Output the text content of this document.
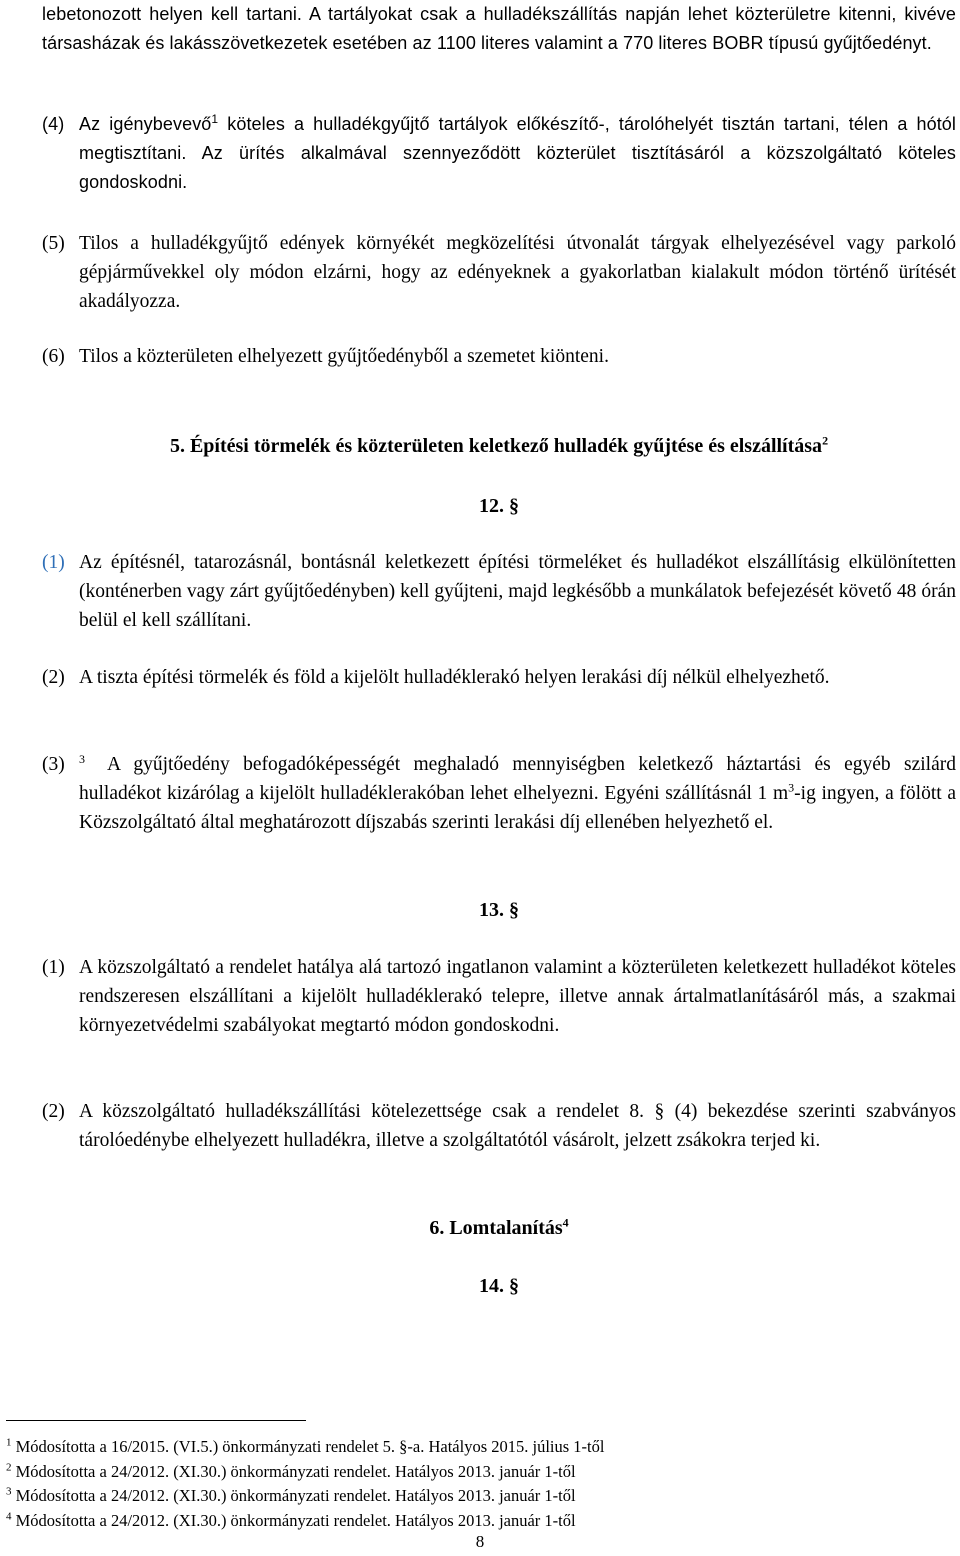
lebetonozott helyen kell tartani. A tartályokat csak a hulladékszállítás napján lehet közterületre kitenni, kivéve társasházak és lakásszövetkezetek esetében az 1100 literes valamint a 770 literes BOBR típusú gyűjtőedényt.

(4) Az igénybevevő$^1$ köteles a hulladékgyűjtő tartályok előkészítő-, tárolóhelyét tisztán tartani, télen a hótól megtisztítani. Az ürítés alkalmával szennyeződött közterület tisztításáról a közszolgáltató köteles gondoskodni.

(5) Tilos a hulladékgyűjtő edények környékét megközelítési útvonalát tárgyak elhelyezésével vagy parkoló gépjárművekkel oly módon elzárni, hogy az edényeknek a gyakorlatban kialakult módon történő ürítését akadályozza.

(6) Tilos a közterületen elhelyezett gyűjtőedényből a szemetet kiönteni.

5. Építési törmelék és közterületen keletkező hulladék gyűjtése és elszállítása$^2$

12. §

(1) Az építésnél, tatarozásnál, bontásnál keletkezett építési törmeléket és hulladékot elszállításig elkülönítetten (konténerben vagy zárt gyűjtőedényben) kell gyűjteni, majd legkésőbb a munkálatok befejezését követő 48 órán belül el kell szállítani.

(2) A tiszta építési törmelék és föld a kijelölt hulladéklerakó helyen lerakási díj nélkül elhelyezhető.

(3) $^3$ A gyűjtőedény befogadóképességét meghaladó mennyiségben keletkező háztartási és egyéb szilárd hulladékot kizárólag a kijelölt hulladéklerakóban lehet elhelyezni. Egyéni szállításnál 1 $m^3-ig$ ingyen, a fölött a Közszolgáltató által meghatározott díjszabás szerinti lerakási díj ellenében helyezhető el.

13. §

(1) A közszolgáltató a rendelet hatálya alá tartozó ingatlanon valamint a közterületen keletkezett hulladékot köteles rendszeresen elszállítani a kijelölt hulladéklerakó telepre, illetve annak ártalmatlanításáról más, a szakmai környezetvédelmi szabályokat megtartó módon gondoskodni.

(2) A közszolgáltató hulladékszállítási kötelezettsége csak a rendelet 8. § (4) bekezdése szerinti szabványos tárolóedénybe elhelyezett hulladékra, illetve a szolgáltatótól vásárolt, jelzett zsákokra terjed ki.

6. Lomtalanítás$^4$

14. §

$^1$ Módosította a 16/2015. (VI.5.) önkormányzati rendelet 5. §-a. Hatályos 2015. július 1-től
$^2$ Módosította a 24/2012. (XI.30.) önkormányzati rendelet. Hatályos 2013. január 1-től
$^3$ Módosította a 24/2012. (XI.30.) önkormányzati rendelet. Hatályos 2013. január 1-től
$^4$ Módosította a 24/2012. (XI.30.) önkormányzati rendelet. Hatályos 2013. január 1-től
8
